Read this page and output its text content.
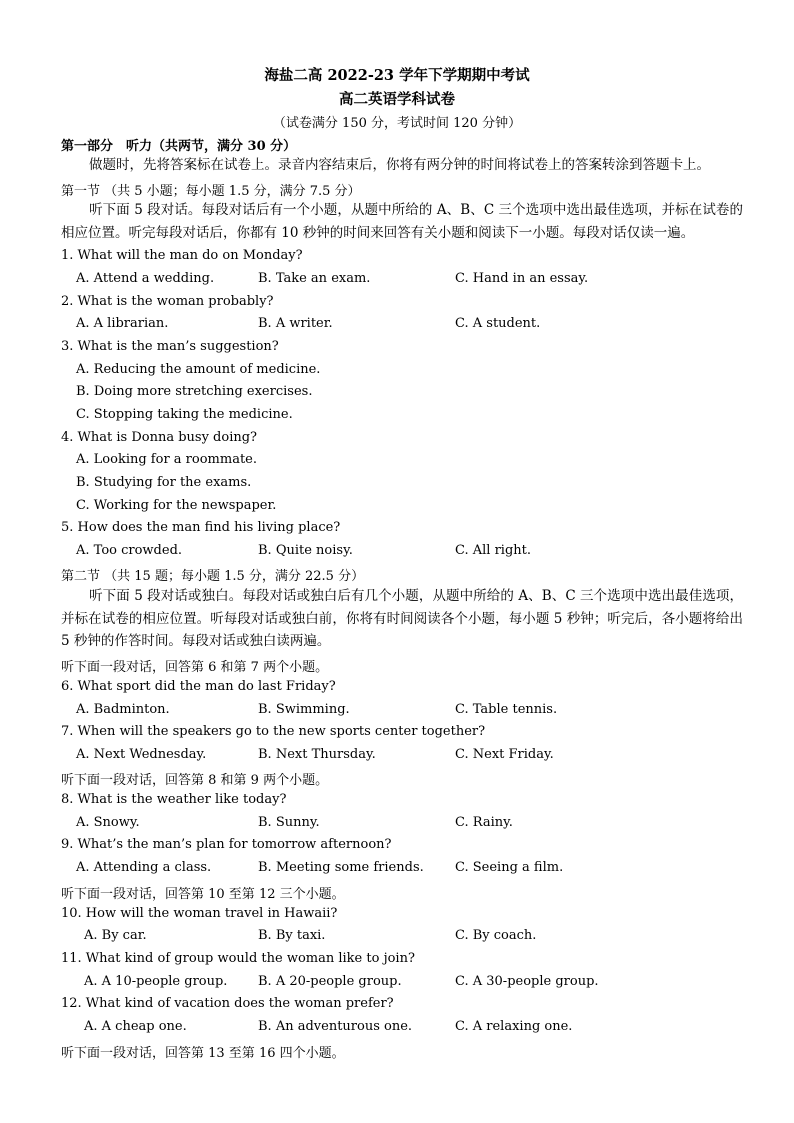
海盐二高 2022-23 学年下学期期中考试
高二英语学科试卷
（试卷满分 150 分，考试时间 120 分钟）
第一部分　听力（共两节，满分 30 分）
做题时，先将答案标在试卷上。录音内容结束后，你将有两分钟的时间将试卷上的答案转涂到答题卡上。
第一节 （共 5 小题；每小题 1.5 分，满分 7.5 分）
听下面 5 段对话。每段对话后有一个小题，从题中所给的 A、B、C 三个选项中选出最佳选项，并标在试卷的相应位置。听完每段对话后，你都有 10 秒钟的时间来回答有关小题和阅读下一小题。每段对话仅读一遍。
1. What will the man do on Monday?
A. Attend a wedding.	B. Take an exam.	C. Hand in an essay.
2. What is the woman probably?
A. A librarian.	B. A writer.	C. A student.
3. What is the man’s suggestion?
A. Reducing the amount of medicine.
B. Doing more stretching exercises.
C. Stopping taking the medicine.
4. What is Donna busy doing?
A. Looking for a roommate.
B. Studying for the exams.
C. Working for the newspaper.
5. How does the man find his living place?
A. Too crowded.	B. Quite noisy.	C. All right.
第二节 （共 15 题；每小题 1.5 分，满分 22.5 分）
听下面 5 段对话或独白。每段对话或独白后有几个小题，从题中所给的 A、B、C 三个选项中选出最佳选项，并标在试卷的相应位置。听每段对话或独白前，你将有时间阅读各个小题，每小题 5 秒钟；听完后，各小题将给出 5 秒钟的作答时间。每段对话或独白读两遍。
听下面一段对话，回答第 6 和第 7 两个小题。
6. What sport did the man do last Friday?
A. Badminton.	B. Swimming.	C. Table tennis.
7. When will the speakers go to the new sports center together?
A. Next Wednesday.	B. Next Thursday.	C. Next Friday.
听下面一段对话，回答第 8 和第 9 两个小题。
8. What is the weather like today?
A. Snowy.	B. Sunny.	C. Rainy.
9. What’s the man’s plan for tomorrow afternoon?
A. Attending a class.	B. Meeting some friends. C. Seeing a film.
听下面一段对话，回答第 10 至第 12 三个小题。
10. How will the woman travel in Hawaii?
A. By car.	B. By taxi.	C. By coach.
11. What kind of group would the woman like to join?
A. A 10-people group. B. A 20-people group.	C. A 30-people group.
12. What kind of vacation does the woman prefer?
A. A cheap one.	B. An adventurous one.	C. A relaxing one.
听下面一段对话，回答第 13 至第 16 四个小题。
